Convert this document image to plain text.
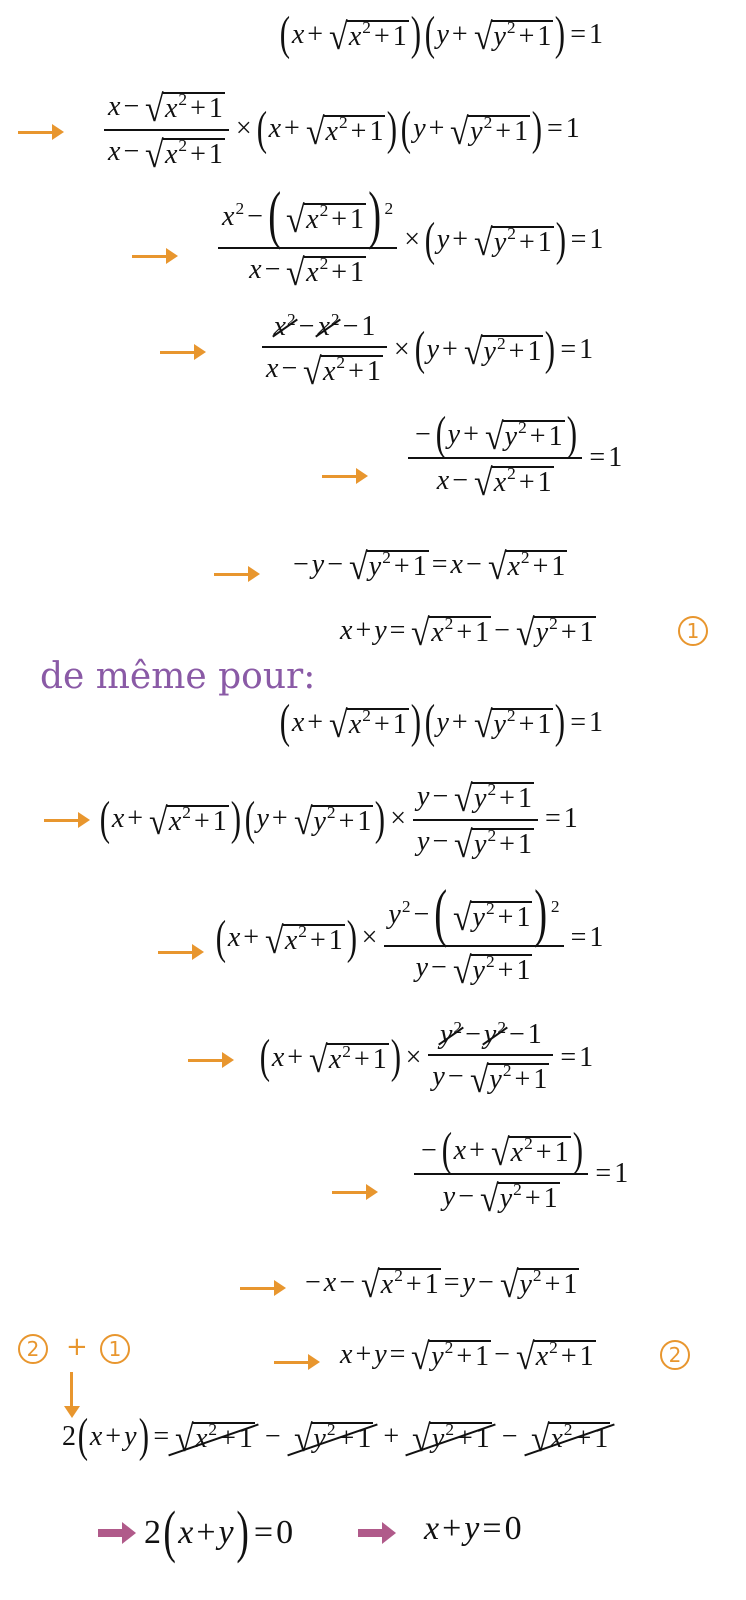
( x + √ x 2 + 1 ) ( y + √ y 2 + 1 ) = 1
$\frac{x - √ x 2 + 1}{x - √ x 2 + 1}$ × ( x + √ x 2 + 1 ) ( y + √ y 2 + 1 ) = 1
$\frac{x 2 - ( √ x 2 + 1 ) 2}{x - √ x 2 + 1}$ × ( y + √ y 2 + 1 ) = 1
$\frac{x^2 - x^2 - 1}{x - √ x 2 + 1}$ × ( y + √ y 2 + 1 ) = 1
$\frac{- ( y + √ y 2 + 1 )}{x - √ x 2 + 1} = 1$
− y − √ y 2 + 1 = x − √ x 2 + 1
x + y = √ x 2 + 1 − √ y 2 + 1	1
de même pour:
( x + √ x 2 + 1 ) ( y + √ y 2 + 1 ) = 1
( x + √ x 2 + 1 ) ( y + √ y 2 + 1 ) × $\frac{y - √ y 2 + 1}{y - √ y 2 + 1} = 1$
( x + √ x 2 + 1 ) × $\frac{y 2 - ( √ y 2 + 1 ) 2}{y - √ y 2 + 1} = 1$
( x + √ x 2 + 1 ) × $\frac{y^2 - y^2 - 1}{y - √ y 2 + 1} = 1$
$\frac{- ( x + √ x 2 + 1 )}{y - √ y 2 + 1} = 1$
− x − √ x 2 + 1 = y − √ y 2 + 1
x + y = √ y 2 + 1 − √ x 2 + 1	2
2	+	1
2 ( x + y ) = √ x 2 + 1 − √ y 2 + 1 + √ y 2 + 1 − √ x 2 + 1
2 ( x + y ) = 0	x + y = 0
